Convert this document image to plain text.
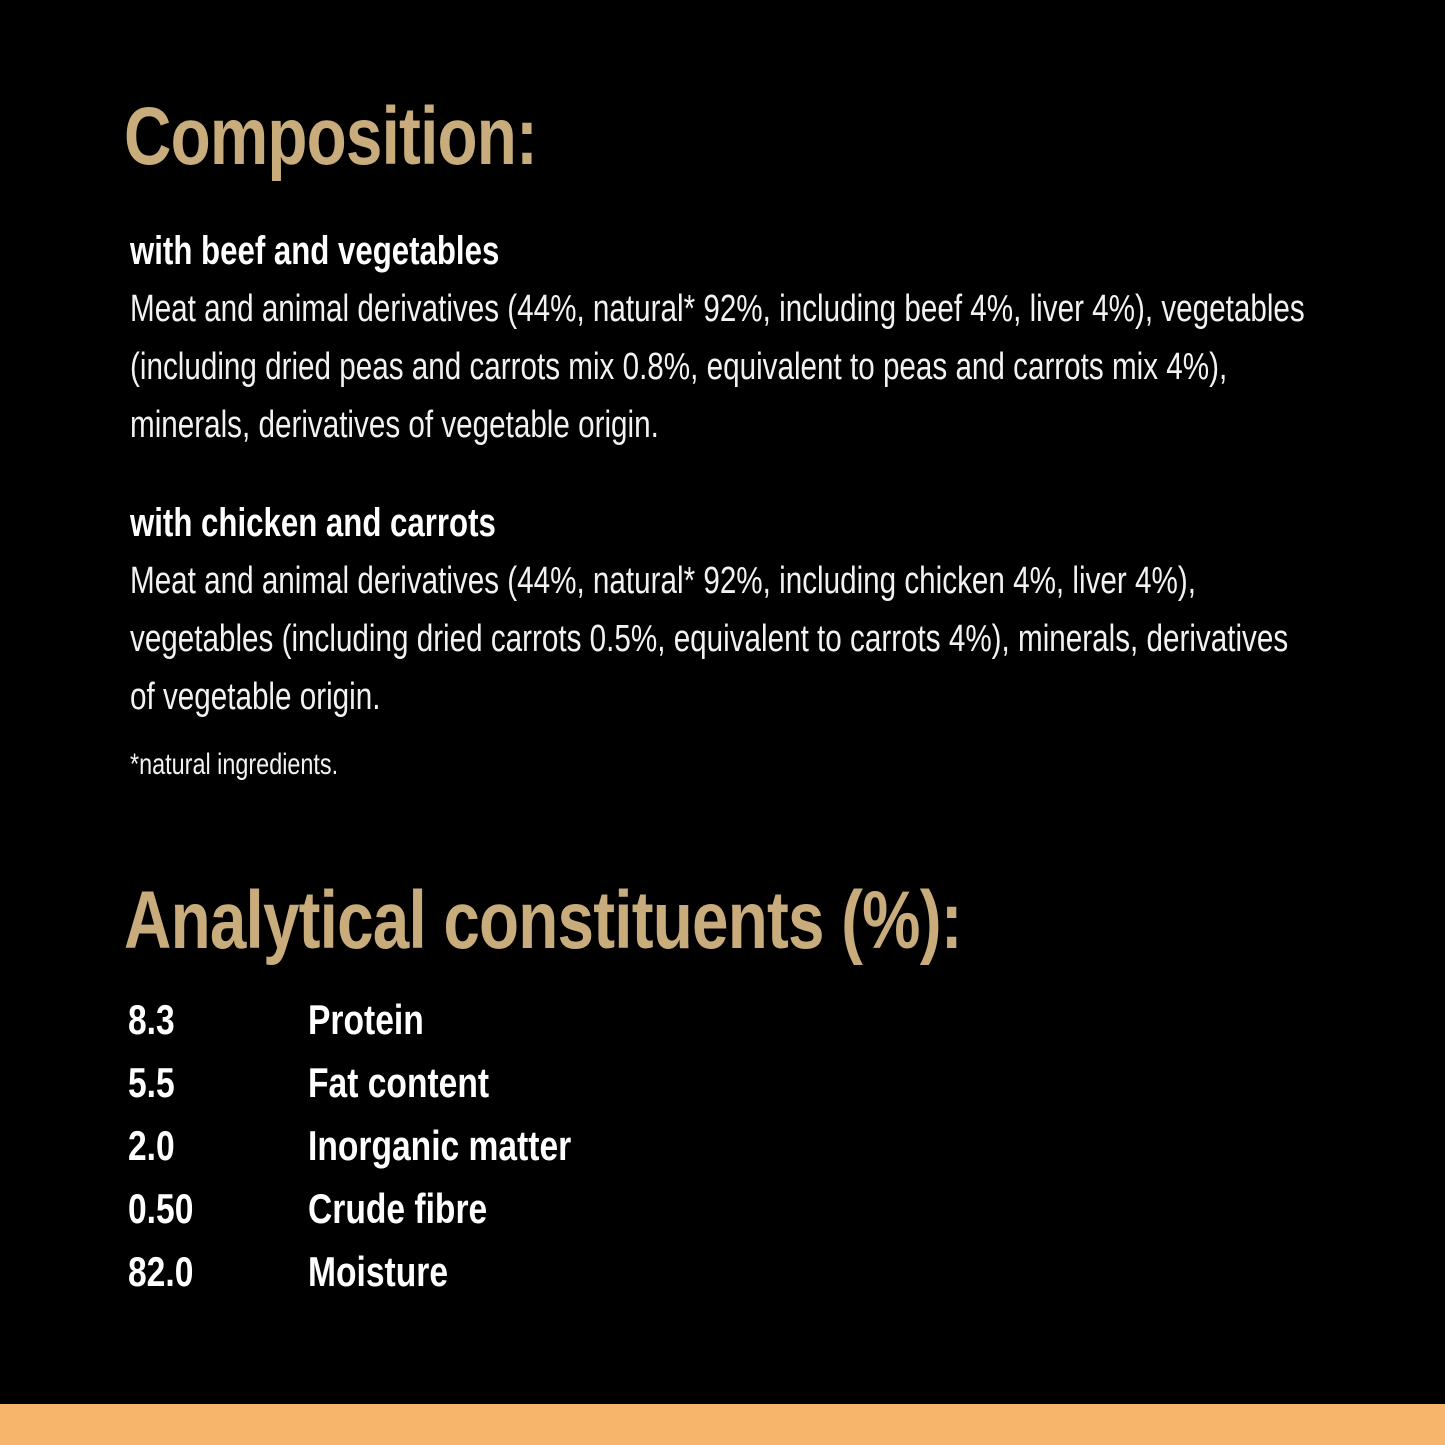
Composition:
with beef and vegetables

Meat and animal derivatives (44%, natural* 92%, including beef 4%, liver 4%), vegetables (including dried peas and carrots mix 0.8%, equivalent to peas and carrots mix 4%), minerals, derivatives of vegetable origin.

with chicken and carrots

Meat and animal derivatives (44%, natural* 92%, including chicken 4%, liver 4%), vegetables (including dried carrots 0.5%, equivalent to carrots 4%), minerals, derivatives of vegetable origin.

*natural ingredients.
Analytical constituents (%):
8.3	Protein
5.5	Fat content
2.0	Inorganic matter
0.50	Crude fibre
82.0	Moisture
